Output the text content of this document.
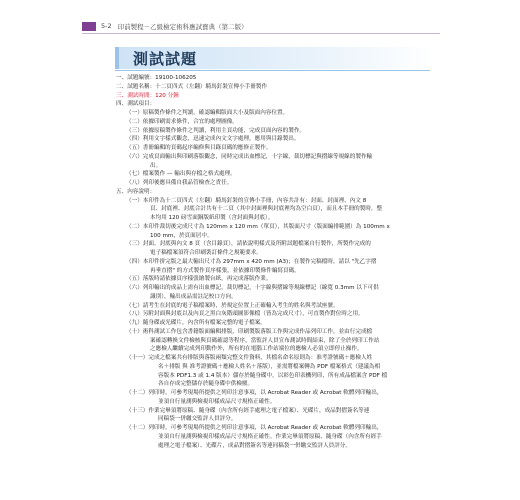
5-2 印前製程－乙級檢定術科應試寶典（第二版）
測試試題
一、試題編號：19100-106205
二、試題名稱：十二頁四式（左翻）騎馬釘裝宣傳小手冊製作
三、測試時間：120 分鐘
四、測試項目：
（一）原稿製作條件之判讀，確認編輯版面大小及版面內容位置。
（二）依據印刷需求條件，合宜的處理圖像。
（三）依據原稿製作條件之判讀，利用主頁功能，完成頁面內容的製作。
（四）利用文字樣式觀念，迅速完成內文文字處理，應用與目錄製出。
（五）書冊編輯的頁碼起序編修與目錄頁碼的應修正製作。
（六）完成頁面輸出與印刷落版觀念，同時完成出血標記，十字線，裁切標記與摺線等規線的製作輸
出。
（七）檔案製作 — 輸出與存檔之格式處理。
（八）列印後應具備自我品管檢查之責任。
五、內容說明：
（一）本印件為十二頁四式（左翻）騎馬釘裝的宣傳小手冊，內容共計有：封面、封面裡、內文 8
頁、封底裡、封底合計共有十二頁（其中封面裡與封底裡均為空白頁），而且本手冊的製時，整
本均用 120 磅雪面銅版紙印製（含封面與封底）。
（二）本印件裁切後完成尺寸為 120mm x 120 mm（單頁），其版面尺寸（版面編排範圍）為 100mm x
100 mm，於頁面居中。
（三）封面、封底與內文 8 頁（含目錄頁），請依說明樣式及所附試題檔案自行製作，所製作完成的
電子稿檔案須符合印刷裝訂條件之規範要求。
（四）本印件拼完版之最大輸出尺寸為 297mm x 420 mm (A3)；在製作完稿檔時，請以 "先乙字摺
再垂直摺" 的方式製作頁序樣張，並依據印製條件編寫頁碼。
（五）落版時請依據頁序樣張繪製台紙，再完成落版作業。
（六）列印輸出的成品上需有出血標記，裁切標記，十字線與摺線等規線標記（線寬 0.3mm 以下可供
識別），輸出成品需註記校口方向。
（七）請考生在封底的電子稿檔案時，於規定位置上正確輸入考生的姓名與考試座號。
（八）另附封面與封底以及內頁之黑白灰階頭圖影像檔（皆為完成尺寸），可直製作對位時之用。
（九）隨身碟或光碟片，內含所有檔案完整的電子檔案。
（十）術科測試工作包含書籍版面編輯排版，印刷製版落版工作與完成作品列印工作，並由行完成檔
案確認轉換文件檢核與頁碼確認等程序，當監評人員宣布測試時間結束，除了全於列印工作站
之應檢人繼續完成列印動作外，所有的在電腦工作站端位的應檢人必須立即停止操作。
（十一）完成之檔案共有排版與落版兩類完整文件資料，其檔名命名原則為：准考證號碼＋應檢人姓
名＋排版 與 准考證號碼＋應檢人姓名＋落版），並需將檔案轉為 PDF 檔案格式（建議為相
容版本 PDF1.3 或 1.4 版本）儲存於隨身碟中，以彩色印表機列印，所有成品檔案含 PDF 檔
各自存成完整儲存於隨身碟中供檢覈。
（十二）列印時，可參考現場所提供之列印注意事項，以 Acrobat Reader 或 Acrobat 軟體列印輸出，
並須自行量測與檢視印樣成品尺寸規格正確性。
（十三）作業完畢須將原稿、隨身碟（內含所有經手處理之電子檔案）、光碟片，成品對摺簽名等連
同稿袋一併繳交監評人員評分。
（十二）列印時，可參考現場所提供之列印注意事項，以 Acrobat Reader 或 Acrobat 軟體列印輸出，
並須自行量測與檢視印樣成品尺寸規格正確性。作業完畢須將原稿、隨身碟（內含所有經手
處理之電子檔案）、光碟片，成品對摺簽名等連同稿袋一併繳交監評人員評分。
